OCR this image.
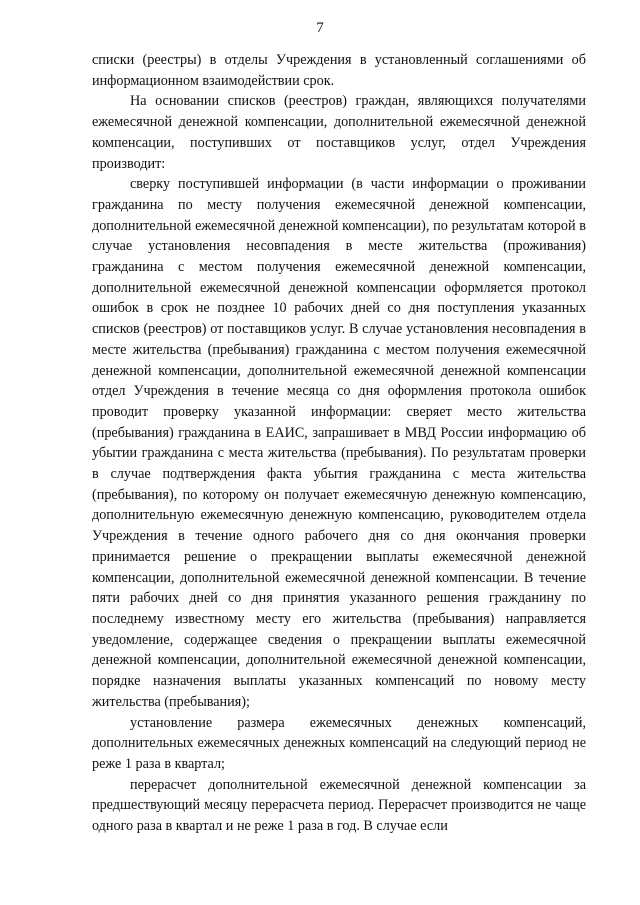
7

списки (реестры) в отделы Учреждения в установленный соглашениями об информационном взаимодействии срок.

На основании списков (реестров) граждан, являющихся получателями ежемесячной денежной компенсации, дополнительной ежемесячной денежной компенсации, поступивших от поставщиков услуг, отдел Учреждения производит:

сверку поступившей информации (в части информации о проживании гражданина по месту получения ежемесячной денежной компенсации, дополнительной ежемесячной денежной компенсации), по результатам которой в случае установления несовпадения в месте жительства (проживания) гражданина с местом получения ежемесячной денежной компенсации, дополнительной ежемесячной денежной компенсации оформляется протокол ошибок в срок не позднее 10 рабочих дней со дня поступления указанных списков (реестров) от поставщиков услуг. В случае установления несовпадения в месте жительства (пребывания) гражданина с местом получения ежемесячной денежной компенсации, дополнительной ежемесячной денежной компенсации отдел Учреждения в течение месяца со дня оформления протокола ошибок проводит проверку указанной информации: сверяет место жительства (пребывания) гражданина в ЕАИС, запрашивает в МВД России информацию об убытии гражданина с места жительства (пребывания). По результатам проверки в случае подтверждения факта убытия гражданина с места жительства (пребывания), по которому он получает ежемесячную денежную компенсацию, дополнительную ежемесячную денежную компенсацию, руководителем отдела Учреждения в течение одного рабочего дня со дня окончания проверки принимается решение о прекращении выплаты ежемесячной денежной компенсации, дополнительной ежемесячной денежной компенсации. В течение пяти рабочих дней со дня принятия указанного решения гражданину по последнему известному месту его жительства (пребывания) направляется уведомление, содержащее сведения о прекращении выплаты ежемесячной денежной компенсации, дополнительной ежемесячной денежной компенсации, порядке назначения выплаты указанных компенсаций по новому месту жительства (пребывания);

установление размера ежемесячных денежных компенсаций, дополнительных ежемесячных денежных компенсаций на следующий период не реже 1 раза в квартал;

перерасчет дополнительной ежемесячной денежной компенсации за предшествующий месяцу перерасчета период. Перерасчет производится не чаще одного раза в квартал и не реже 1 раза в год. В случае если
